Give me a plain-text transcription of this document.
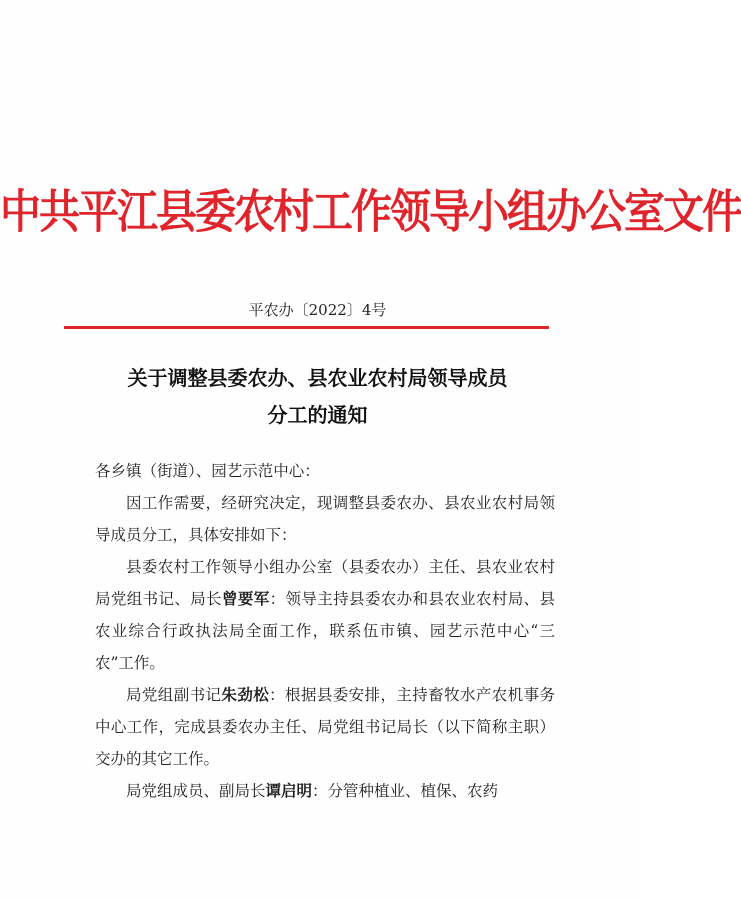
中共平江县委农村工作领导小组办公室文件
平农办〔2022〕4号
关于调整县委农办、县农业农村局领导成员
分工的通知

各乡镇（街道）、园艺示范中心：

因工作需要，经研究决定，现调整县委农办、县农业农村局领导成员分工，具体安排如下：

县委农村工作领导小组办公室（县委农办）主任、县农业农村局党组书记、局长曾要军：领导主持县委农办和县农业农村局、县农业综合行政执法局全面工作，联系伍市镇、园艺示范中心“三农”工作。

局党组副书记朱劲松：根据县委安排，主持畜牧水产农机事务中心工作，完成县委农办主任、局党组书记局长（以下简称主职）交办的其它工作。

局党组成员、副局长谭启明：分管种植业、植保、农药
